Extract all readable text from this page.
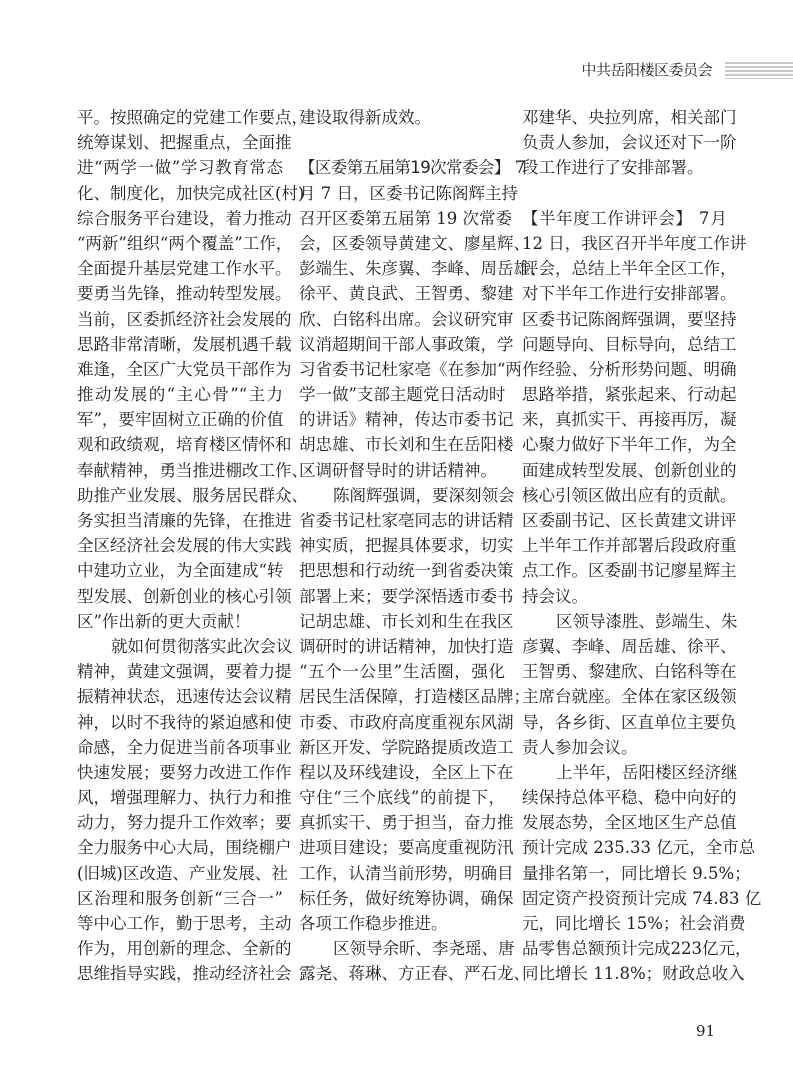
中共岳阳楼区委员会
平。按照确定的党建工作要点，
统筹谋划、把握重点，全面推
进“两学一做”学习教育常态
化、制度化，加快完成社区(村)
综合服务平台建设，着力推动
“两新”组织“两个覆盖”工作，
全面提升基层党建工作水平。
要勇当先锋，推动转型发展。
当前，区委抓经济社会发展的
思路非常清晰，发展机遇千载
难逢，全区广大党员干部作为
推动发展的“主心骨”“主力
军”，要牢固树立正确的价值
观和政绩观，培育楼区情怀和
奉献精神，勇当推进棚改工作、
助推产业发展、服务居民群众、
务实担当清廉的先锋，在推进
全区经济社会发展的伟大实践
中建功立业，为全面建成“转
型发展、创新创业的核心引领
区”作出新的更大贡献！
就如何贯彻落实此次会议
精神，黄建文强调，要着力提
振精神状态，迅速传达会议精
神，以时不我待的紧迫感和使
命感，全力促进当前各项事业
快速发展；要努力改进工作作
风，增强理解力、执行力和推
动力，努力提升工作效率；要
全力服务中心大局，围绕棚户
(旧城)区改造、产业发展、社
区治理和服务创新“三合一”
等中心工作，勤于思考，主动
作为，用创新的理念、全新的
思维指导实践，推动经济社会
建设取得新成效。
【区委第五届第19次常委会】 7
月 7 日，区委书记陈阁辉主持
召开区委第五届第 19 次常委
会，区委领导黄建文、廖星辉、
彭端生、朱彦翼、李峰、周岳雄、
徐平、黄良武、王智勇、黎建
欣、白铭科出席。会议研究审
议消超期间干部人事政策，学
习省委书记杜家亳《在参加“两
学一做”支部主题党日活动时
的讲话》精神，传达市委书记
胡忠雄、市长刘和生在岳阳楼
区调研督导时的讲话精神。
陈阁辉强调，要深刻领会
省委书记杜家亳同志的讲话精
神实质，把握具体要求，切实
把思想和行动统一到省委决策
部署上来；要学深悟透市委书
记胡忠雄、市长刘和生在我区
调研时的讲话精神，加快打造
“五个一公里”生活圈，强化
居民生活保障，打造楼区品牌；
市委、市政府高度重视东风湖
新区开发、学院路提质改造工
程以及环线建设，全区上下在
守住“三个底线”的前提下，
真抓实干、勇于担当，奋力推
进项目建设；要高度重视防汛
工作，认清当前形势，明确目
标任务，做好统筹协调，确保
各项工作稳步推进。
区领导余昕、李尧瑶、唐
露尧、蒋琳、方正春、严石龙、
邓建华、央拉列席，相关部门
负责人参加，会议还对下一阶
段工作进行了安排部署。
【半年度工作讲评会】 7月
12 日，我区召开半年度工作讲
评会，总结上半年全区工作，
对下半年工作进行安排部署。
区委书记陈阁辉强调，要坚持
问题导向、目标导向，总结工
作经验、分析形势问题、明确
思路举措，紧张起来、行动起
来，真抓实干、再接再厉，凝
心聚力做好下半年工作，为全
面建成转型发展、创新创业的
核心引领区做出应有的贡献。
区委副书记、区长黄建文讲评
上半年工作并部署后段政府重
点工作。区委副书记廖星辉主
持会议。
区领导漆胜、彭端生、朱
彦翼、李峰、周岳雄、徐平、
王智勇、黎建欣、白铭科等在
主席台就座。全体在家区级领
导，各乡街、区直单位主要负
责人参加会议。
上半年，岳阳楼区经济继
续保持总体平稳、稳中向好的
发展态势，全区地区生产总值
预计完成 235.33 亿元，全市总
量排名第一，同比增长 9.5%；
固定资产投资预计完成 74.83 亿
元，同比增长 15%；社会消费
品零售总额预计完成223亿元，
同比增长 11.8%；财政总收入
91
